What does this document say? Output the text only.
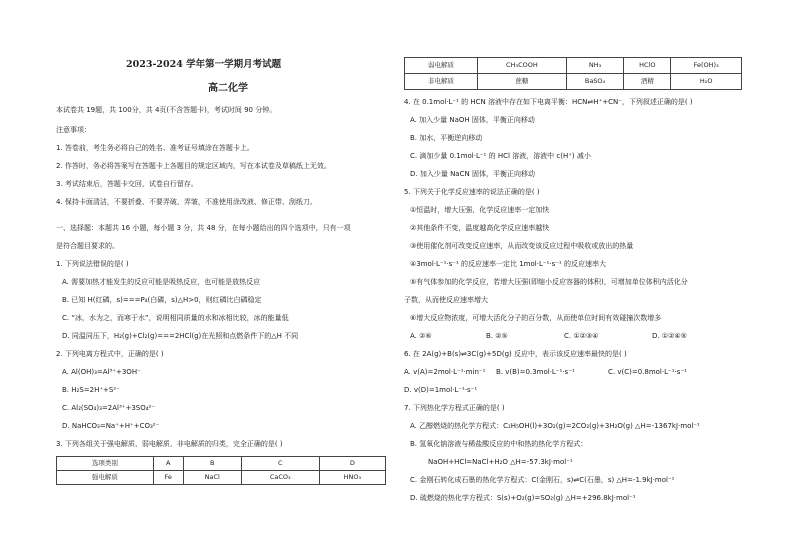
2023-2024 学年第一学期月考试题
高二化学
本试卷共 19题，共 100分，共 4页(不含答题卡)，考试时间 90 分钟。
注意事项：
1. 答卷前，考生务必将自己的姓名、准考证号填涂在答题卡上。
2. 作答时，务必将答案写在答题卡上各题目的规定区域内，写在本试卷及草稿纸上无效。
3. 考试结束后，答题卡交回，试卷自行留存。
4. 保持卡面清洁，不要折叠、不要弄破、弄皱，不准使用涂改液、修正带、刮纸刀。
一、选择题：本题共 16 小题，每小题 3 分，共 48 分，在每小题给出的四个选项中，只有一项
是符合题目要求的。
1. 下列说法错误的是( )
A. 需要加热才能发生的反应可能是吸热反应，也可能是放热反应
B. 已知 H(红磷，s)===P₄(白磷，s)△H>0，则红磷比白磷稳定
C. “冰，水为之，而寒于水”，说明相同质量的水和冰相比较，冰的能量低
D. 同温同压下，H₂(g)+Cl₂(g)===2HCl(g)在光照和点燃条件下的△H 不同
2. 下列电离方程式中，正确的是( )
A. Al(OH)₃=Al³⁺+3OH⁻
B. H₂S=2H⁺+S²⁻
C. Al₂(SO₄)₃=2Al³⁺+3SO₄²⁻
D. NaHCO₃=Na⁺+H⁺+CO₃²⁻
3. 下列各组关于强电解质、弱电解质、非电解质的归类，完全正确的是( )
选项类别	A	B	C	D
强电解质	Fe	NaCl	CaCO₃	HNO₃
弱电解质	CH₃COOH	NH₃	HClO	Fe(OH)₃
非电解质	蔗糖	BaSO₄	酒精	H₂O
4. 在 0.1mol·L⁻¹ 的 HCN 溶液中存在如下电离平衡：HCN⇌H⁺+CN⁻，下列叙述正确的是( )
A. 加入少量 NaOH 固体，平衡正向移动
B. 加水，平衡逆向移动
C. 滴加少量 0.1mol·L⁻¹ 的 HCl 溶液，溶液中 c(H⁺) 减小
D. 加入少量 NaCN 固体，平衡正向移动
5. 下列关于化学反应速率的说法正确的是( )
①恒温时，增大压强，化学反应速率一定加快
②其他条件不变，温度越高化学反应速率越快
③使用催化剂可改变反应速率，从而改变该反应过程中吸收或放出的热量
④3mol·L⁻¹·s⁻¹ 的反应速率一定比 1mol·L⁻¹·s⁻¹ 的反应速率大
⑤有气体参加的化学反应，若增大压强(即缩小反应容器的体积)，可增加单位体积内活化分
子数，从而使反应速率增大
⑥增大反应物浓度，可增大活化分子的百分数，从而使单位时间有效碰撞次数增多
A. ②⑥	B. ②⑤	C. ①②③④	D. ①②④⑤
6. 在 2A(g)+B(s)⇌3C(g)+5D(g) 反应中，表示该反应速率最快的是( )
A. v(A)=2mol·L⁻¹·min⁻¹ B. v(B)=0.3mol·L⁻¹·s⁻¹	C. v(C)=0.8mol·L⁻¹·s⁻¹
D. v(D)=1mol·L⁻¹·s⁻¹
7. 下列热化学方程式正确的是( )
A. 乙醇燃烧的热化学方程式：C₂H₅OH(l)+3O₂(g)=2CO₂(g)+3H₂O(g) △H=-1367kJ·mol⁻¹
B. 氢氧化钠溶液与稀盐酸反应的中和热的热化学方程式：
NaOH+HCl=NaCl+H₂O △H=-57.3kJ·mol⁻¹
C. 金刚石转化成石墨的热化学方程式：C(金刚石，s)⇌C(石墨，s) △H=-1.9kJ·mol⁻¹
D. 硫燃烧的热化学方程式：S(s)+O₂(g)=SO₂(g) △H=+296.8kJ·mol⁻¹
